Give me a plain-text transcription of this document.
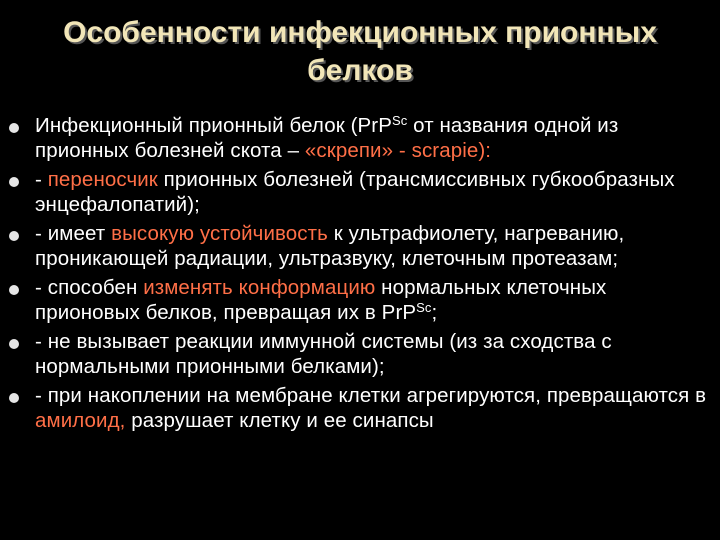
Особенности инфекционных прионных
белков
Инфекционный прионный белок (PrP$^{Sc}$ от названия одной из прионных болезней скота – «скрепи» - scrapie):
- переносчик прионных болезней (трансмиссивных губкообразных энцефалопатий);
- имеет высокую устойчивость к ультрафиолету, нагреванию, проникающей радиации, ультразвуку, клеточным протеазам;
- способен изменять конформацию нормальных клеточных прионовых белков, превращая их в PrP$^{Sc}$;
- не вызывает реакции иммунной системы (из за сходства с нормальными прионными белками);
- при накоплении на мембране клетки агрегируются, превращаются в амилоид, разрушает клетку и ее синапсы
